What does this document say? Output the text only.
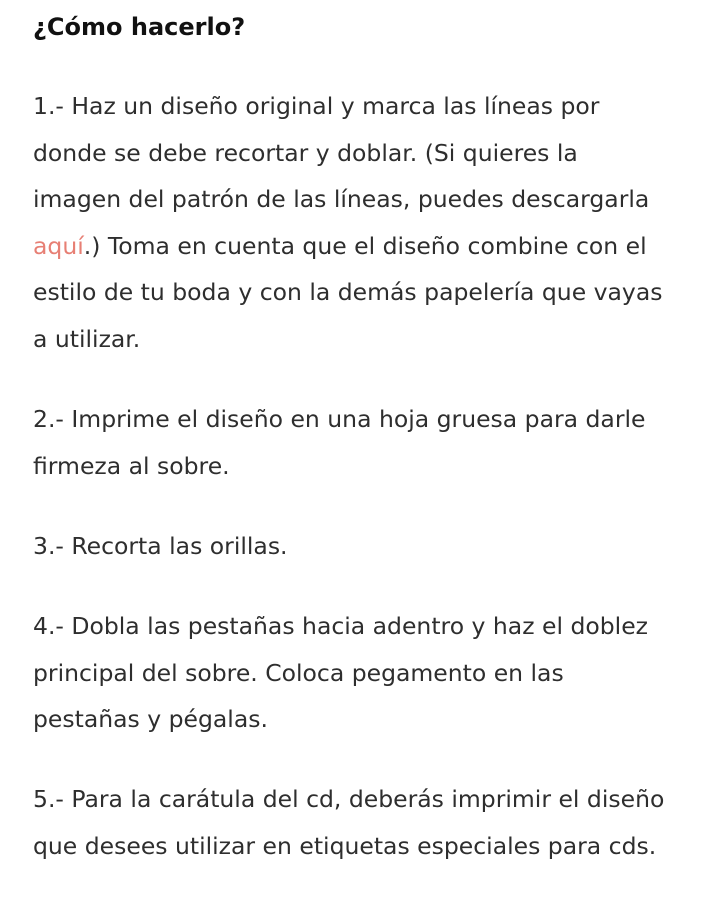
¿Cómo hacerlo?

1.- Haz un diseño original y marca las líneas por
donde se debe recortar y doblar. (Si quieres la
imagen del patrón de las líneas, puedes descargarla
aquí.) Toma en cuenta que el diseño combine con el
estilo de tu boda y con la demás papelería que vayas
a utilizar.

2.- Imprime el diseño en una hoja gruesa para darle
firmeza al sobre.

3.- Recorta las orillas.

4.- Dobla las pestañas hacia adentro y haz el doblez
principal del sobre. Coloca pegamento en las
pestañas y pégalas.

5.- Para la carátula del cd, deberás imprimir el diseño
que desees utilizar en etiquetas especiales para cds.
